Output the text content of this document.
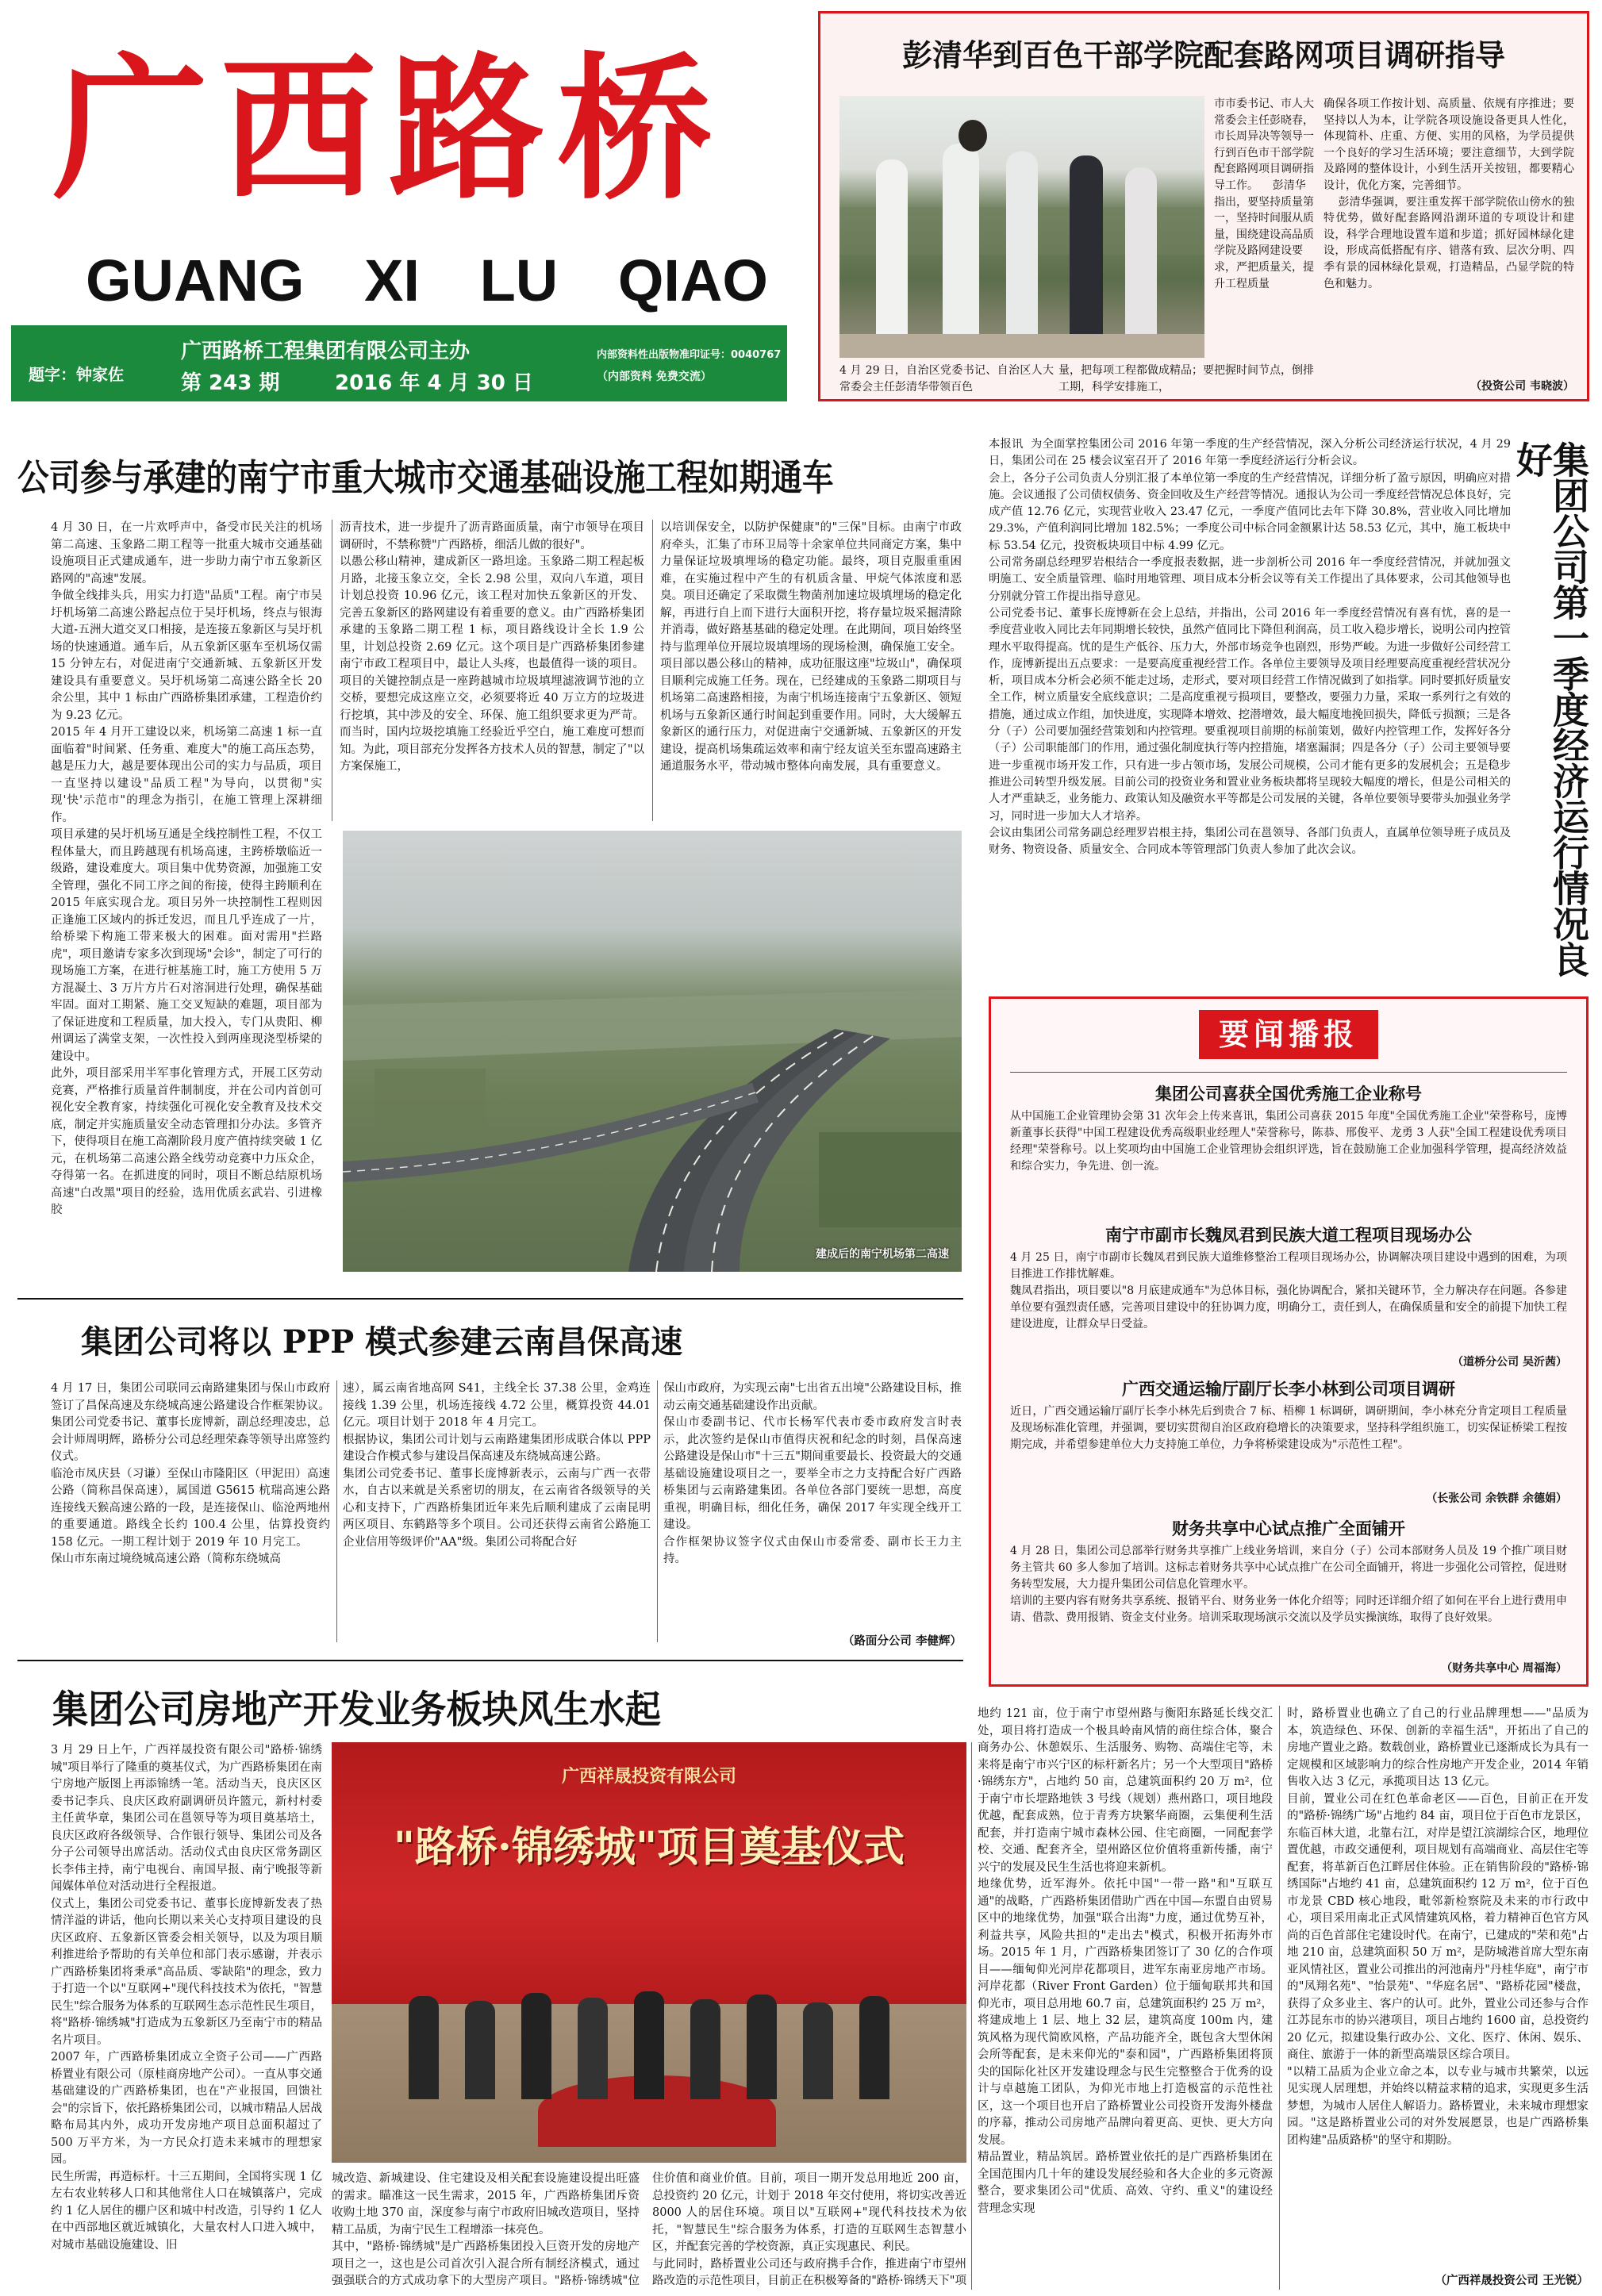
广西路桥
GUANG XI LU QIAO
题字：钟家佐
广西路桥工程集团有限公司主办
第 243 期	2016 年 4 月 30 日
内部资料性出版物准印证号：0040767
（内部资料 免费交流）
彭清华到百色干部学院配套路网项目调研指导
市市委书记、市人大常委会主任彭晓春，市长周异决等领导一行到百色市干部学院配套路网项目调研指导工作。    彭清华指出，要坚持质量第一，坚持时间服从质量，围绕建设高品质学院及路网建设要求，严把质量关，提升工程质量
确保各项工作按计划、高质量、依规有序推进；要坚持以人为本，让学院各项设施设备更具人性化，体现简朴、庄重、方便、实用的风格，为学员提供一个良好的学习生活环境；要注意细节，大到学院及路网的整体设计，小到生活开关按钮，都要精心设计，优化方案，完善细节。
彭清华强调，要注重发挥干部学院依山傍水的独特优势，做好配套路网沿湖环道的专项设计和建设，科学合理地设置车道和步道；抓好园林绿化建设，形成高低搭配有序、错落有致、层次分明、四季有景的园林绿化景观，打造精品，凸显学院的特色和魅力。
4 月 29 日，自治区党委书记、自治区人大常委会主任彭清华带领百色
量，把每项工程都做成精品；要把握时间节点，倒排工期，科学安排施工，	（投资公司 韦晓波）
公司参与承建的南宁市重大城市交通基础设施工程如期通车
4 月 30 日，在一片欢呼声中，备受市民关注的机场第二高速、玉象路二期工程等一批重大城市交通基础设施项目正式建成通车，进一步助力南宁市五象新区路网的"高速"发展。
争做全线排头兵，用实力打造"品质"工程。南宁市吴圩机场第二高速公路起点位于吴圩机场，终点与银海大道-五洲大道交叉口相接，是连接五象新区与吴圩机场的快速通道。通车后，从五象新区驱车至机场仅需 15 分钟左右，对促进南宁交通新城、五象新区开发建设具有重要意义。吴圩机场第二高速公路全长 20 余公里，其中 1 标由广西路桥集团承建，工程造价约为 9.23 亿元。
2015 年 4 月开工建设以来，机场第二高速 1 标一直面临着"时间紧、任务重、难度大"的施工高压态势，越是压力大，越是要体现出公司的实力与品质，项目一直坚持以建设"品质工程"为导向，以贯彻"实现'快'示范市"的理念为指引，在施工管理上深耕细作。
项目承建的吴圩机场互通是全线控制性工程，不仅工程体量大，而且跨越现有机场高速，主跨桥墩临近一级路，建设难度大。项目集中优势资源，加强施工安全管理，强化不同工序之间的衔接，使得主跨顺利在 2015 年底实现合龙。项目另外一块控制性工程则因正逢施工区域内的拆迁发迟，而且几乎连成了一片，给桥梁下构施工带来极大的困难。面对需用"拦路虎"，项目邀请专家多次到现场"会诊"，制定了可行的现场施工方案，在进行桩基施工时，施工方使用 5 万方混凝土、3 万片方片石对溶洞进行处理，确保基础牢固。面对工期紧、施工交叉短缺的难题，项目部为了保证进度和工程质量，加大投入，专门从贵阳、柳州调运了满堂支架，一次性投入到两座现浇型桥梁的建设中。
此外，项目部采用半军事化管理方式，开展工区劳动竞赛，严格推行质量首件制制度，并在公司内首创可视化安全教育家，持续强化可视化安全教育及技术交底，制定并实施质量安全动态管理扣分办法。多管齐下，使得项目在施工高潮阶段月度产值持续突破 1 亿元，在机场第二高速公路全线劳动竞赛中力压众企，夺得第一名。在抓进度的同时，项目不断总结原机场高速"白改黑"项目的经验，选用优质玄武岩、引进橡胶
沥青技术，进一步提升了沥青路面质量，南宁市领导在项目调研时，不禁称赞"广西路桥，细活儿做的很好"。
以愚公移山精神，建成新区一路坦途。玉象路二期工程起板月路，北接玉象立交，全长 2.98 公里，双向八车道，项目计划总投资 10.96 亿元，该工程对加快五象新区的开发、完善五象新区的路网建设有着重要的意义。由广西路桥集团承建的玉象路二期工程 1 标，项目路线设计全长 1.9 公里，计划总投资 2.69 亿元。这个项目是广西路桥集团参建南宁市政工程项目中，最让人头疼，也最值得一谈的项目。项目的关键控制点是一座跨越城市垃圾填埋滤液调节池的立交桥，要想完成这座立交，必须要将近 40 万立方的垃圾进行挖填，其中涉及的安全、环保、施工组织要求更为严苛。而当时，国内垃圾挖填施工经验近乎空白，施工难度可想而知。为此，项目部充分发挥各方技术人员的智慧，制定了"以方案保施工，
以培训保安全，以防护保健康"的"三保"目标。由南宁市政府牵头，汇集了市环卫局等十余家单位共同商定方案，集中力量保证垃圾填埋场的稳定功能。最终，项目克服重重困难，在实施过程中产生的有机质含量、甲烷气体浓度和恶臭。项目还确定了采取微生物菌剂加速垃圾填埋场的稳定化解，再进行自上而下进行大面积开挖，将存量垃圾采掘清除并消毒，做好路基基础的稳定处理。在此期间，项目始终坚持与监理单位开展垃圾填埋场的现场检测，确保施工安全。项目部以愚公移山的精神，成功征服这座"垃圾山"，确保项目顺利完成施工任务。现在，已经建成的玉象路二期项目与机场第二高速路相接，为南宁机场连接南宁五象新区、领短机场与五象新区通行时间起到重要作用。同时，大大缓解五象新区的通行压力，对促进南宁交通新城、五象新区的开发建设，提高机场集疏运效率和南宁经友谊关至东盟高速路主通道服务水平，带动城市整体向南发展，具有重要意义。
建成后的南宁机场第二高速
本报讯  为全面掌控集团公司 2016 年第一季度的生产经营情况，深入分析公司经济运行状况，4 月 29 日，集团公司在 25 楼会议室召开了 2016 年第一季度经济运行分析会议。
会上，各分子公司负责人分别汇报了本单位第一季度的生产经营情况，详细分析了盈亏原因，明确应对措施。会议通报了公司债权债务、资金回收及生产经营等情况。通报认为公司一季度经营情况总体良好，完成产值 12.76 亿元，实现营业收入 23.47 亿元，一季度产值同比去年下降 30.8%，营业收入同比增加 29.3%，产值利润同比增加 182.5%；一季度公司中标合同金额累计达 58.53 亿元，其中，施工板块中标 53.54 亿元，投资板块项目中标 4.99 亿元。
公司常务副总经理罗岩根结合一季度报表数据，进一步剖析公司 2016 年一季度经营情况，并就加强文明施工、安全质量管理、临时用地管理、项目成本分析会议等有关工作提出了具体要求，公司其他领导也分别就分管工作提出指导意见。
公司党委书记、董事长庞博新在会上总结，并指出，公司 2016 年一季度经营情况有喜有忧，喜的是一季度营业收入同比去年同期增长较快，虽然产值同比下降但利润高，员工收入稳步增长，说明公司内控管理水平取得提高。忧的是生产低谷、压力大，外部市场竞争也剧烈，形势严峻。为进一步做好公司经营工作，庞博新提出五点要求：一是要高度重视经营工作。各单位主要领导及项目经理要高度重视经营状况分析，项目成本分析会必须不能走过场，走形式，要对项目经营工作情况做到了如指掌。同时要抓好质量安全工作，树立质量安全底线意识；二是高度重视亏损项目，要整改，要强力力量，采取一系列行之有效的措施，通过成立作组，加快进度，实现降本增效、挖潜增效，最大幅度地挽回损失，降低亏损额；三是各分（子）公司要加强经营策划和内控管理。要重视项目前期的标前策划，做好内控管理工作，发挥好各分（子）公司职能部门的作用，通过强化制度执行等内控措施，堵塞漏洞；四是各分（子）公司主要领导要进一步重视市场开发工作，只有进一步占领市场，发展公司规模，公司才能有更多的发展机会；五是稳步推进公司转型升级发展。目前公司的投资业务和置业业务板块都将呈现较大幅度的增长，但是公司相关的人才严重缺乏，业务能力、政策认知及融资水平等都是公司发展的关键，各单位要领导要带头加强业务学习，同时进一步加大人才培养。
会议由集团公司常务副总经理罗岩根主持，集团公司在邕领导、各部门负责人，直属单位领导班子成员及财务、物资设备、质量安全、合同成本等管理部门负责人参加了此次会议。	集团公司第一季度经济运行情况良好
要闻播报
集团公司喜获全国优秀施工企业称号
从中国施工企业管理协会第 31 次年会上传来喜讯，集团公司喜获 2015 年度"全国优秀施工企业"荣誉称号，庞博新董事长获得"中国工程建设优秀高级职业经理人"荣誉称号，陈恭、邢俊平、龙勇 3 人获"全国工程建设优秀项目经理"荣誉称号。以上奖项均由中国施工企业管理协会组织评选，旨在鼓励施工企业加强科学管理，提高经济效益和综合实力，争先进、创一流。
南宁市副市长魏凤君到民族大道工程项目现场办公
4 月 25 日，南宁市副市长魏凤君到民族大道维修整治工程项目现场办公，协调解决项目建设中遇到的困难，为项目推进工作排忧解难。
魏凤君指出，项目要以"8 月底建成通车"为总体目标，强化协调配合，紧扣关键环节，全力解决存在问题。各参建单位要有强烈责任感，完善项目建设中的狂协调力度，明确分工，责任到人，在确保质量和安全的前提下加快工程建设进度，让群众早日受益。
（道桥分公司 吴沂茜）
广西交通运输厅副厅长李小林到公司项目调研
近日，广西交通运输厅副厅长李小林先后到贵合 7 标、梧柳 1 标调研，调研期间，李小林充分肯定项目工程质量及现场标准化管理，并强调，要切实贯彻自治区政府稳增长的决策要求，坚持科学组织施工，切实保证桥梁工程按期完成，并希望参建单位大力支持施工单位，力争将桥梁建设成为"示范性工程"。
（长张公司 余铁群 余德娟）
财务共享中心试点推广全面铺开
4 月 28 日，集团公司总部举行财务共享推广上线业务培训，来自分（子）公司本部财务人员及 19 个推广项目财务主管共 60 多人参加了培训。这标志着财务共享中心试点推广在公司全面铺开，将进一步强化公司管控，促进财务转型发展，大力提升集团公司信息化管理水平。
培训的主要内容有财务共享系统、报销平台、财务业务一体化介绍等；同时还详细介绍了如何在平台上进行费用申请、借款、费用报销、资金支付业务。培训采取现场演示交流以及学员实操演练，取得了良好效果。
（财务共享中心 周福海）
集团公司将以 PPP 模式参建云南昌保高速
4 月 17 日，集团公司联同云南路建集团与保山市政府签订了昌保高速及东绕城高速公路建设合作框架协议。集团公司党委书记、董事长庞博新，副总经理凌忠，总会计师周明辉，路桥分公司总经理荣森等领导出席签约仪式。
临沧市凤庆县（习谦）至保山市隆阳区（甲泥田）高速公路（简称昌保高速），属国道 G5615 杭瑞高速公路连接线天猴高速公路的一段，是连接保山、临沧两地州的重要通道。路线全长约 100.4 公里，估算投资约 158 亿元。一期工程计划于 2019 年 10 月完工。
保山市东南过境绕城高速公路（简称东绕城高
速），属云南省地高网 S41，主线全长 37.38 公里，金鸡连接线 1.39 公里，机场连接线 4.72 公里，概算投资 44.01 亿元。项目计划于 2018 年 4 月完工。
根据协议，集团公司计划与云南路建集团形成联合体以 PPP 建设合作模式参与建设昌保高速及东绕城高速公路。
集团公司党委书记、董事长庞博新表示，云南与广西一衣带水，自古以来就是关系密切的朋友，在云南省各级领导的关心和支持下，广西路桥集团近年来先后顺利建成了云南昆明两区项目、东鹤路等多个项目。公司还获得云南省公路施工企业信用等级评价"AA"级。集团公司将配合好
保山市政府，为实现云南"七出省五出境"公路建设目标，推动云南交通基础建设作出贡献。
保山市委副书记、代市长杨军代表市委市政府发言时表示，此次签约是保山市值得庆祝和纪念的时刻，昌保高速公路建设是保山市"十三五"期间重要最长、投资最大的交通基础设施建设项目之一，要举全市之力支持配合好广西路桥集团与云南路建集团。各单位各部门要统一思想，高度重视，明确目标，细化任务，确保 2017 年实现全线开工建设。
合作框架协议签字仪式由保山市委常委、副市长王力主持。
（路面分公司 李健辉）
集团公司房地产开发业务板块风生水起
3 月 29 日上午，广西祥晟投资有限公司"路桥·锦绣城"项目举行了隆重的奠基仪式，为广西路桥集团在南宁房地产版图上再添锦绣一笔。活动当天，良庆区区委书记李兵、良庆区政府副调研员许篮元，新村村委主任黄华章，集团公司在邕领导等为项目奠基培土，良庆区政府各级领导、合作银行领导、集团公司及各分子公司领导出席活动。活动仪式由良庆区常务副区长李伟主持，南宁电视台、南国早报、南宁晚报等新闻媒体单位对活动进行全程报道。
仪式上，集团公司党委书记、董事长庞博新发表了热情洋溢的讲话，他向长期以来关心支持项目建设的良庆区政府、五象新区管委会相关领导，以及为项目顺利推进给予帮助的有关单位和部门表示感谢，并表示广西路桥集团将秉承"高品质、零缺陷"的理念，致力于打造一个以"互联网+"现代科技技术为依托，"智慧民生"综合服务为体系的互联网生态示范性民生项目，将"路桥·锦绣城"打造成为五象新区乃至南宁市的精品名片项目。
2007 年，广西路桥集团成立全资子公司——广西路桥置业有限公司（原桂商房地产公司）。一直从事交通基础建设的广西路桥集团，也在"产业报国，回馈社会"的宗旨下，依托路桥集团公司，以城市精品人居战略布局其内外，成功开发房地产项目总面积超过了 500 万平方米，为一方民众打造未来城市的理想家园。
民生所需，再造标杆。十三五期间，全国将实现 1 亿左右农业转移人口和其他常住人口在城镇落户，完成约 1 亿人居住的棚户区和城中村改造，引导约 1 亿人在中西部地区就近城镇化，大量农村人口进入城中，对城市基础设施建设、旧
广西祥晟投资有限公司
"路桥·锦绣城"项目奠基仪式
城改造、新城建设、住宅建设及相关配套设施建设提出旺盛的需求。瞄准这一民生需求，2015 年，广西路桥集团斥资收购土地 370 亩，深度参与南宁市政府旧城改造项目，坚持精工品质，为南宁民生工程增添一抹亮色。
其中，"路桥·锦绣城"是广西路桥集团投入巨资开发的房地产项目之一，这也是公司首次引入混合所有制经济模式，通过强强联合的方式成功拿下的大型房产项目。"路桥·锦绣城"位
住价值和商业价值。目前，项目一期开发总用地近 200 亩，总投资约 20 亿元，计划于 2018 年交付使用，将切实改善近 8000 人的居住环境。项目以"互联网+"现代科技技术为依托，"智慧民生"综合服务为体系，打造的互联网生态智慧小区，并配套完善的学校资源，真正实现惠民、利民。
与此同时，路桥置业公司还与政府携手合作，推进南宁市望州路改造的示范性项目，目前正在积极筹备的"路桥·锦绣天下"项
地约 121 亩，位于南宁市望州路与衡阳东路延长线交汇处，项目将打造成一个极具岭南风情的商住综合体，聚合商务办公、休憩娱乐、生活服务、购物、高端住宅等，未来将是南宁市兴宁区的标杆新名片；另一个大型项目"路桥·锦绣东方"，占地约 50 亩，总建筑面积约 20 万 m²，位于南宁市长堽路地铁 3 号线（规划）燕州路口，项目地段优越，配套成熟，位于青秀方块繁华商圈，云集便利生活配套，并打造南宁城市森林公园、住宅商圈，一同配套学校、交通、配套齐全，望州路区位价值将重新传播，南宁兴宁的发展及民生生活也将迎来新机。
地缘优势，近军海外。依托中国"一带一路"和"互联互通"的战略，广西路桥集团借助广西在中国—东盟自由贸易区中的地缘优势，加强"联合出海"力度，通过优势互补，利益共享，风险共担的"走出去"模式，积极开拓海外市场。2015 年 1 月，广西路桥集团签订了 30 亿的合作项目——缅甸仰光河岸花都项目，进军东南亚房地产市场。河岸花都（River Front Garden）位于缅甸联邦共和国仰光市，项目总用地 60.7 亩，总建筑面积约 25 万 m²，将建成地上 1 层、地上 32 层，建筑高度 100m 内，建筑风格为现代简欧风格，产品功能齐全，既包含大型休闲会所等配套，是未来仰光的"泰和园"，广西路桥集团将顶尖的国际化社区开发建设理念与民生完整整合于优秀的设计与卓越施工团队，为仰光市地上打造极富的示范性社区，这一个项目也开启了路桥置业公司投资开发海外楼盘的序幕，推动公司房地产品牌向着更高、更快、更大方向发展。
精品置业，精品筑居。路桥置业依托的是广西路桥集团在全国范围内几十年的建设发展经验和各大企业的多元资源整合，要求集团公司"优质、高效、守约、重义"的建设经营理念实现
时，路桥置业也确立了自己的行业品牌理想——"品质为本，筑造绿色、环保、创新的幸福生活"，开拓出了自己的房地产置业之路。数载创业，路桥置业已逐渐成长为具有一定规模和区域影响力的综合性房地产开发企业，2014 年销售收入达 3 亿元，承揽项目达 13 亿元。
目前，置业公司在红色革命老区——百色，目前正在开发的"路桥·锦绣广场"占地约 84 亩，项目位于百色市龙景区，东临百林大道，北靠右江，对岸是望江滨湖综合区，地理位置优越，市政交通便利，项目规划有高端商业、高层住宅等配套，将革新百色江畔居住体验。正在销售阶段的"路桥·锦绣国际"占地约 41 亩，总建筑面积约 12 万 m²，位于百色市龙景 CBD 核心地段，毗邻新检察院及未来的市行政中心，项目采用南北正式风情建筑风格，着力精神百色官方风尚的百色首部住宅建设时代。在南宁，已建成的"荣和苑"占地 210 亩，总建筑面积 50 万 m²，是防城港首席大型东南亚风情社区，置业公司推出的河池南丹"丹桂华庭"，南宁市的"凤翔名苑"、"怡景苑"、"华庭名居"、"路桥花园"楼盘，获得了众多业主、客户的认可。此外，置业公司还参与合作江苏昆东市的协兴港项目，项目占地约 1600 亩，总投资约 20 亿元，拟建设集行政办公、文化、医疗、休闲、娱乐、商住、旅游于一体的新型高端景区综合项目。
"以精工品质为企业立命之本，以专业与城市共繁荣，以远见实现人居理想，并始终以精益求精的追求，实现更多生活梦想，为城市人居住人解语力。路桥置业，未来城市理想家园。"这是路桥置业公司的对外发展愿景，也是广西路桥集团构建"品质路桥"的坚守和期盼。
（广西祥晟投资公司 王光锐）
